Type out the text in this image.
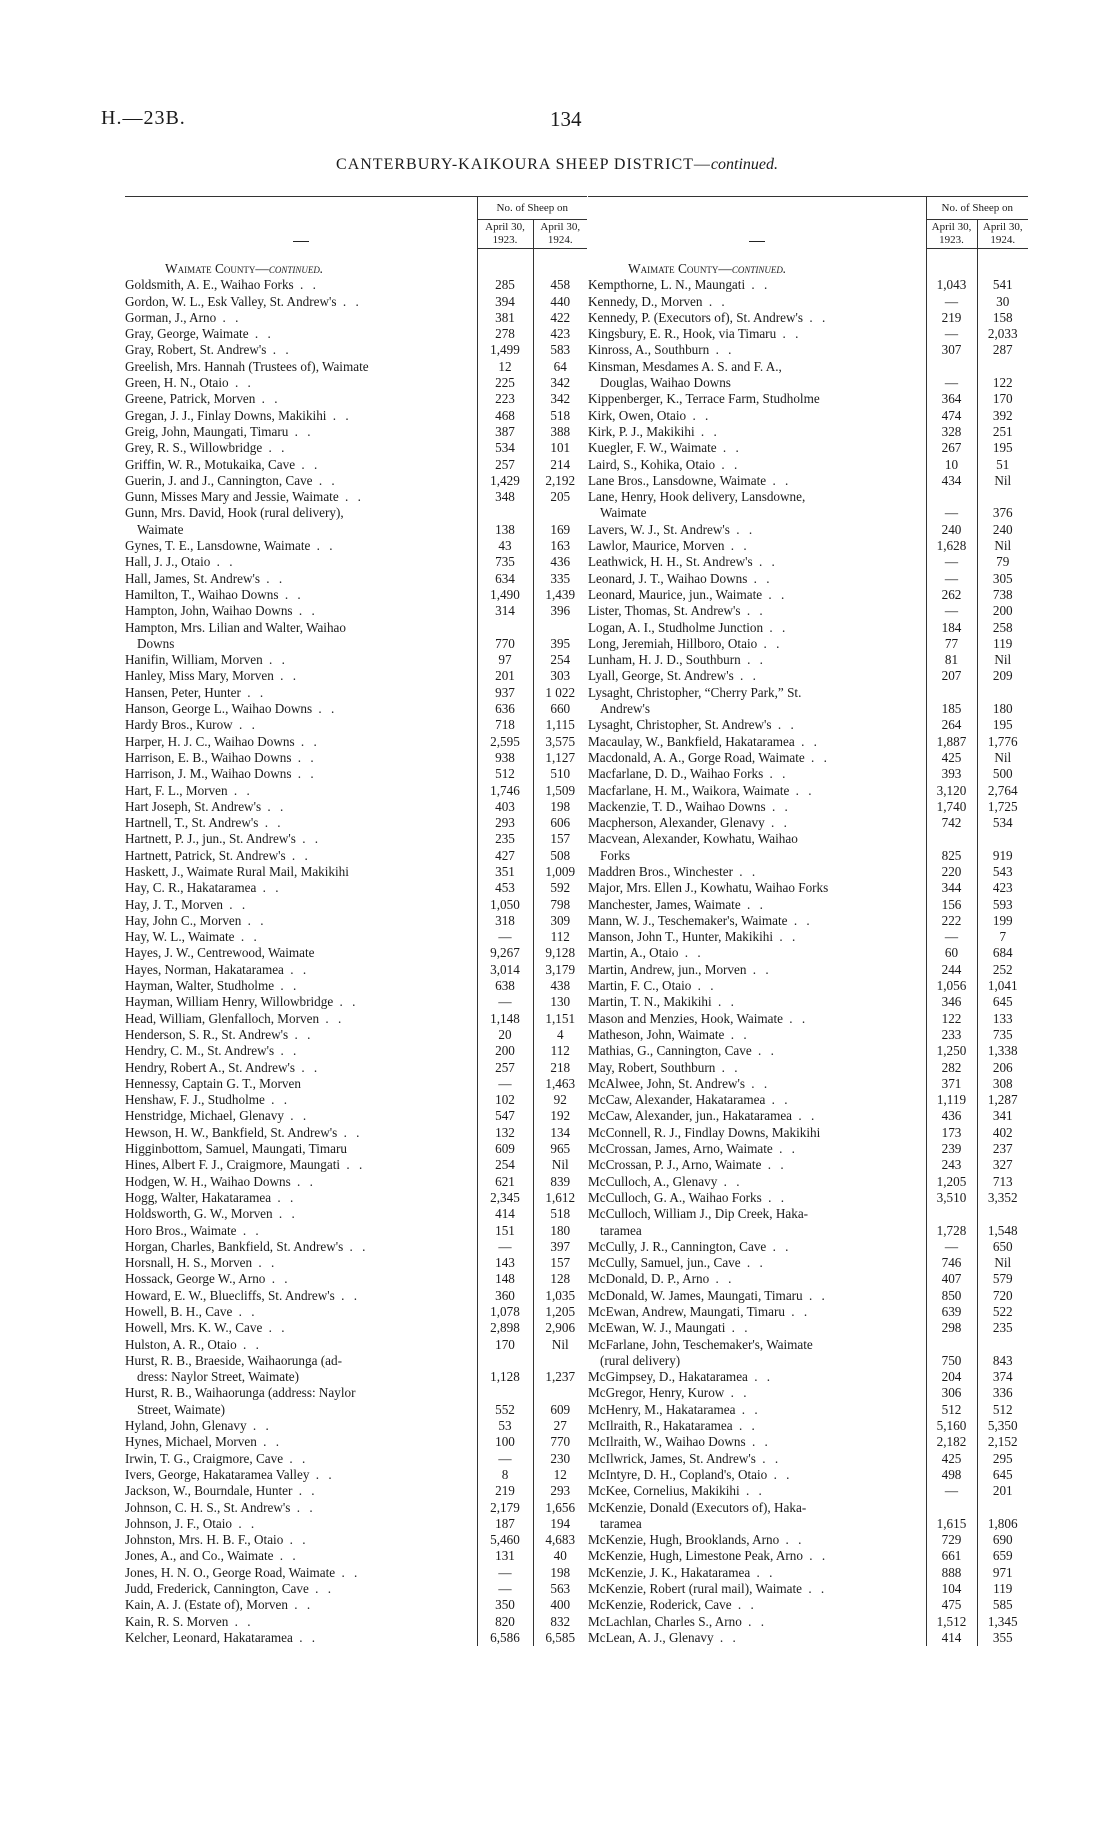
H.—23B.	134
CANTERBURY-KAIKOURA SHEEP DISTRICT—continued.
	No. of Sheep on	
	April 30, 1923.	April 30, 1924.

Waimate County—continued.		
Goldsmith, A. E., Waihao Forks . .	285	458
Gordon, W. L., Esk Valley, St. Andrew's . .	394	440
Gorman, J., Arno . .	381	422
Gray, George, Waimate . .	278	423
Gray, Robert, St. Andrew's . .	1,499	583
Greelish, Mrs. Hannah (Trustees of), Waimate	12	64
Green, H. N., Otaio . .	225	342
Greene, Patrick, Morven . .	223	342
Gregan, J. J., Finlay Downs, Makikihi . .	468	518
Greig, John, Maungati, Timaru . .	387	388
Grey, R. S., Willowbridge . .	534	101
Griffin, W. R., Motukaika, Cave . .	257	214
Guerin, J. and J., Cannington, Cave . .	1,429	2,192
Gunn, Misses Mary and Jessie, Waimate . .	348	205
Gunn, Mrs. David, Hook (rural delivery),
Waimate	138	169
Gynes, T. E., Lansdowne, Waimate . .	43	163
Hall, J. J., Otaio . .	735	436
Hall, James, St. Andrew's . .	634	335
Hamilton, T., Waihao Downs . .	1,490	1,439
Hampton, John, Waihao Downs . .	314	396
Hampton, Mrs. Lilian and Walter, Waihao
Downs	770	395
Hanifin, William, Morven . .	97	254
Hanley, Miss Mary, Morven . .	201	303
Hansen, Peter, Hunter . .	937	1 022
Hanson, George L., Waihao Downs . .	636	660
Hardy Bros., Kurow . .	718	1,115
Harper, H. J. C., Waihao Downs . .	2,595	3,575
Harrison, E. B., Waihao Downs . .	938	1,127
Harrison, J. M., Waihao Downs . .	512	510
Hart, F. L., Morven . .	1,746	1,509
Hart Joseph, St. Andrew's . .	403	198
Hartnell, T., St. Andrew's . .	293	606
Hartnett, P. J., jun., St. Andrew's . .	235	157
Hartnett, Patrick, St. Andrew's . .	427	508
Haskett, J., Waimate Rural Mail, Makikihi	351	1,009
Hay, C. R., Hakataramea . .	453	592
Hay, J. T., Morven . .	1,050	798
Hay, John C., Morven . .	318	309
Hay, W. L., Waimate . .	—	112
Hayes, J. W., Centrewood, Waimate	9,267	9,128
Hayes, Norman, Hakataramea . .	3,014	3,179
Hayman, Walter, Studholme . .	638	438
Hayman, William Henry, Willowbridge . .	—	130
Head, William, Glenfalloch, Morven . .	1,148	1,151
Henderson, S. R., St. Andrew's . .	20	4
Hendry, C. M., St. Andrew's . .	200	112
Hendry, Robert A., St. Andrew's . .	257	218
Hennessy, Captain G. T., Morven	—	1,463
Henshaw, F. J., Studholme . .	102	92
Henstridge, Michael, Glenavy . .	547	192
Hewson, H. W., Bankfield, St. Andrew's . .	132	134
Higginbottom, Samuel, Maungati, Timaru	609	965
Hines, Albert F. J., Craigmore, Maungati . .	254	Nil
Hodgen, W. H., Waihao Downs . .	621	839
Hogg, Walter, Hakataramea . .	2,345	1,612
Holdsworth, G. W., Morven . .	414	518
Horo Bros., Waimate . .	151	180
Horgan, Charles, Bankfield, St. Andrew's . .	—	397
Horsnall, H. S., Morven . .	143	157
Hossack, George W., Arno . .	148	128
Howard, E. W., Bluecliffs, St. Andrew's . .	360	1,035
Howell, B. H., Cave . .	1,078	1,205
Howell, Mrs. K. W., Cave . .	2,898	2,906
Hulston, A. R., Otaio . .	170	Nil
Hurst, R. B., Braeside, Waihaorunga (ad-
dress: Naylor Street, Waimate)	1,128	1,237
Hurst, R. B., Waihaorunga (address: Naylor
Street, Waimate)	552	609
Hyland, John, Glenavy . .	53	27
Hynes, Michael, Morven . .	100	770
Irwin, T. G., Craigmore, Cave . .	—	230
Ivers, George, Hakataramea Valley . .	8	12
Jackson, W., Bourndale, Hunter . .	219	293
Johnson, C. H. S., St. Andrew's . .	2,179	1,656
Johnson, J. F., Otaio . .	187	194
Johnston, Mrs. H. B. F., Otaio . .	5,460	4,683
Jones, A., and Co., Waimate . .	131	40
Jones, H. N. O., George Road, Waimate . .	—	198
Judd, Frederick, Cannington, Cave . .	—	563
Kain, A. J. (Estate of), Morven . .	350	400
Kain, R. S. Morven . .	820	832
Kelcher, Leonard, Hakataramea . .	6,586	6,585
	No. of Sheep on	
	April 30, 1923.	April 30, 1924.

Waimate County—continued.		
Kempthorne, L. N., Maungati . .	1,043	541
Kennedy, D., Morven . .	—	30
Kennedy, P. (Executors of), St. Andrew's . .	219	158
Kingsbury, E. R., Hook, via Timaru . .	—	2,033
Kinross, A., Southburn . .	307	287
Kinsman, Mesdames A. S. and F. A.,
Douglas, Waihao Downs	—	122
Kippenberger, K., Terrace Farm, Studholme	364	170
Kirk, Owen, Otaio . .	474	392
Kirk, P. J., Makikihi . .	328	251
Kuegler, F. W., Waimate . .	267	195
Laird, S., Kohika, Otaio . .	10	51
Lane Bros., Lansdowne, Waimate . .	434	Nil
Lane, Henry, Hook delivery, Lansdowne,
Waimate	—	376
Lavers, W. J., St. Andrew's . .	240	240
Lawlor, Maurice, Morven . .	1,628	Nil
Leathwick, H. H., St. Andrew's . .	—	79
Leonard, J. T., Waihao Downs . .	—	305
Leonard, Maurice, jun., Waimate . .	262	738
Lister, Thomas, St. Andrew's . .	—	200
Logan, A. I., Studholme Junction . .	184	258
Long, Jeremiah, Hillboro, Otaio . .	77	119
Lunham, H. J. D., Southburn . .	81	Nil
Lyall, George, St. Andrew's . .	207	209
Lysaght, Christopher, “Cherry Park,” St.
Andrew's	185	180
Lysaght, Christopher, St. Andrew's . .	264	195
Macaulay, W., Bankfield, Hakataramea . .	1,887	1,776
Macdonald, A. A., Gorge Road, Waimate . .	425	Nil
Macfarlane, D. D., Waihao Forks . .	393	500
Macfarlane, H. M., Waikora, Waimate . .	3,120	2,764
Mackenzie, T. D., Waihao Downs . .	1,740	1,725
Macpherson, Alexander, Glenavy . .	742	534
Macvean, Alexander, Kowhatu, Waihao
Forks	825	919
Maddren Bros., Winchester . .	220	543
Major, Mrs. Ellen J., Kowhatu, Waihao Forks	344	423
Manchester, James, Waimate . .	156	593
Mann, W. J., Teschemaker's, Waimate . .	222	199
Manson, John T., Hunter, Makikihi . .	—	7
Martin, A., Otaio . .	60	684
Martin, Andrew, jun., Morven . .	244	252
Martin, F. C., Otaio . .	1,056	1,041
Martin, T. N., Makikihi . .	346	645
Mason and Menzies, Hook, Waimate . .	122	133
Matheson, John, Waimate . .	233	735
Mathias, G., Cannington, Cave . .	1,250	1,338
May, Robert, Southburn . .	282	206
McAlwee, John, St. Andrew's . .	371	308
McCaw, Alexander, Hakataramea . .	1,119	1,287
McCaw, Alexander, jun., Hakataramea . .	436	341
McConnell, R. J., Findlay Downs, Makikihi	173	402
McCrossan, James, Arno, Waimate . .	239	237
McCrossan, P. J., Arno, Waimate . .	243	327
McCulloch, A., Glenavy . .	1,205	713
McCulloch, G. A., Waihao Forks . .	3,510	3,352
McCulloch, William J., Dip Creek, Haka-
taramea	1,728	1,548
McCully, J. R., Cannington, Cave . .	—	650
McCully, Samuel, jun., Cave . .	746	Nil
McDonald, D. P., Arno . .	407	579
McDonald, W. James, Maungati, Timaru . .	850	720
McEwan, Andrew, Maungati, Timaru . .	639	522
McEwan, W. J., Maungati . .	298	235
McFarlane, John, Teschemaker's, Waimate
(rural delivery)	750	843
McGimpsey, D., Hakataramea . .	204	374
McGregor, Henry, Kurow . .	306	336
McHenry, M., Hakataramea . .	512	512
McIlraith, R., Hakataramea . .	5,160	5,350
McIlraith, W., Waihao Downs . .	2,182	2,152
McIlwrick, James, St. Andrew's . .	425	295
McIntyre, D. H., Copland's, Otaio . .	498	645
McKee, Cornelius, Makikihi . .	—	201
McKenzie, Donald (Executors of), Haka-
taramea	1,615	1,806
McKenzie, Hugh, Brooklands, Arno . .	729	690
McKenzie, Hugh, Limestone Peak, Arno . .	661	659
McKenzie, J. K., Hakataramea . .	888	971
McKenzie, Robert (rural mail), Waimate . .	104	119
McKenzie, Roderick, Cave . .	475	585
McLachlan, Charles S., Arno . .	1,512	1,345
McLean, A. J., Glenavy . .	414	355
